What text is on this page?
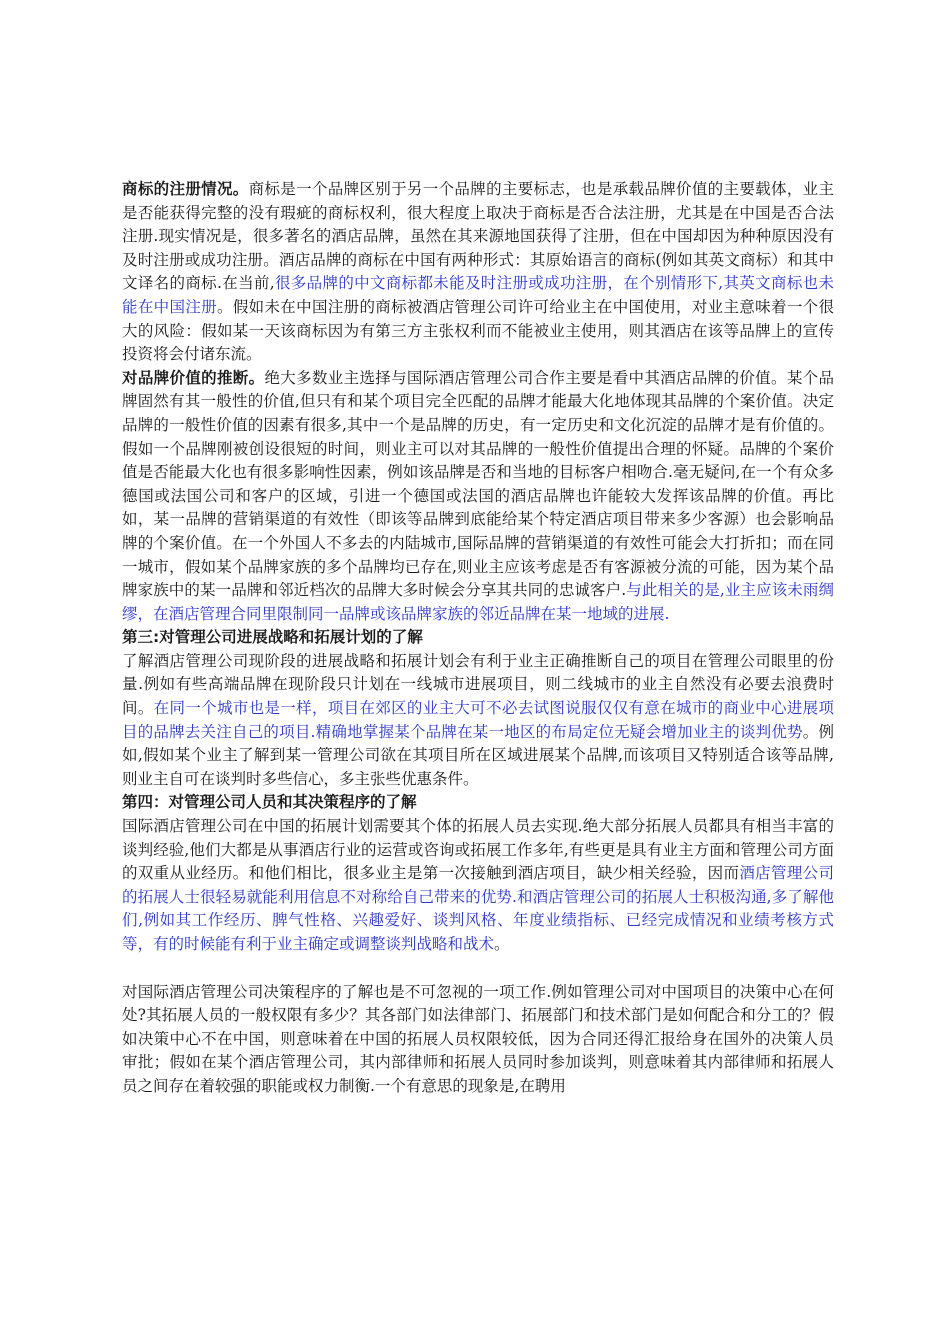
商标的注册情况。商标是一个品牌区别于另一个品牌的主要标志，也是承载品牌价值的主要载体，业主是否能获得完整的没有瑕疵的商标权利，很大程度上取决于商标是否合法注册，尤其是在中国是否合法注册.现实情况是，很多著名的酒店品牌，虽然在其来源地国获得了注册，但在中国却因为种种原因没有及时注册或成功注册。酒店品牌的商标在中国有两种形式：其原始语言的商标(例如其英文商标）和其中文译名的商标.在当前,很多品牌的中文商标都未能及时注册或成功注册，在个别情形下,其英文商标也未能在中国注册。假如未在中国注册的商标被酒店管理公司许可给业主在中国使用，对业主意味着一个很大的风险：假如某一天该商标因为有第三方主张权利而不能被业主使用，则其酒店在该等品牌上的宣传投资将会付诸东流。

对品牌价值的推断。绝大多数业主选择与国际酒店管理公司合作主要是看中其酒店品牌的价值。某个品牌固然有其一般性的价值,但只有和某个项目完全匹配的品牌才能最大化地体现其品牌的个案价值。决定品牌的一般性价值的因素有很多,其中一个是品牌的历史，有一定历史和文化沉淀的品牌才是有价值的。假如一个品牌刚被创设很短的时间，则业主可以对其品牌的一般性价值提出合理的怀疑。品牌的个案价值是否能最大化也有很多影响性因素，例如该品牌是否和当地的目标客户相吻合.毫无疑问,在一个有众多德国或法国公司和客户的区域，引进一个德国或法国的酒店品牌也许能较大发挥该品牌的价值。再比如，某一品牌的营销渠道的有效性（即该等品牌到底能给某个特定酒店项目带来多少客源）也会影响品牌的个案价值。在一个外国人不多去的内陆城市,国际品牌的营销渠道的有效性可能会大打折扣；而在同一城市，假如某个品牌家族的多个品牌均已存在,则业主应该考虑是否有客源被分流的可能，因为某个品牌家族中的某一品牌和邻近档次的品牌大多时候会分享其共同的忠诚客户.与此相关的是,业主应该未雨绸缪，在酒店管理合同里限制同一品牌或该品牌家族的邻近品牌在某一地域的进展.

第三:对管理公司进展战略和拓展计划的了解

了解酒店管理公司现阶段的进展战略和拓展计划会有利于业主正确推断自己的项目在管理公司眼里的份量.例如有些高端品牌在现阶段只计划在一线城市进展项目，则二线城市的业主自然没有必要去浪费时间。在同一个城市也是一样，项目在郊区的业主大可不必去试图说服仅仅有意在城市的商业中心进展项目的品牌去关注自己的项目.精确地掌握某个品牌在某一地区的布局定位无疑会增加业主的谈判优势。例如,假如某个业主了解到某一管理公司欲在其项目所在区域进展某个品牌,而该项目又特别适合该等品牌,则业主自可在谈判时多些信心，多主张些优惠条件。

第四：对管理公司人员和其决策程序的了解

国际酒店管理公司在中国的拓展计划需要其个体的拓展人员去实现.绝大部分拓展人员都具有相当丰富的谈判经验,他们大都是从事酒店行业的运营或咨询或拓展工作多年,有些更是具有业主方面和管理公司方面的双重从业经历。和他们相比，很多业主是第一次接触到酒店项目，缺少相关经验，因而酒店管理公司的拓展人士很轻易就能利用信息不对称给自己带来的优势.和酒店管理公司的拓展人士积极沟通,多了解他们,例如其工作经历、脾气性格、兴趣爱好、谈判风格、年度业绩指标、已经完成情况和业绩考核方式等，有的时候能有利于业主确定或调整谈判战略和战术。

对国际酒店管理公司决策程序的了解也是不可忽视的一项工作.例如管理公司对中国项目的决策中心在何处?其拓展人员的一般权限有多少？其各部门如法律部门、拓展部门和技术部门是如何配合和分工的？假如决策中心不在中国，则意味着在中国的拓展人员权限较低，因为合同还得汇报给身在国外的决策人员审批；假如在某个酒店管理公司，其内部律师和拓展人员同时参加谈判，则意味着其内部律师和拓展人员之间存在着较强的职能或权力制衡.一个有意思的现象是,在聘用
